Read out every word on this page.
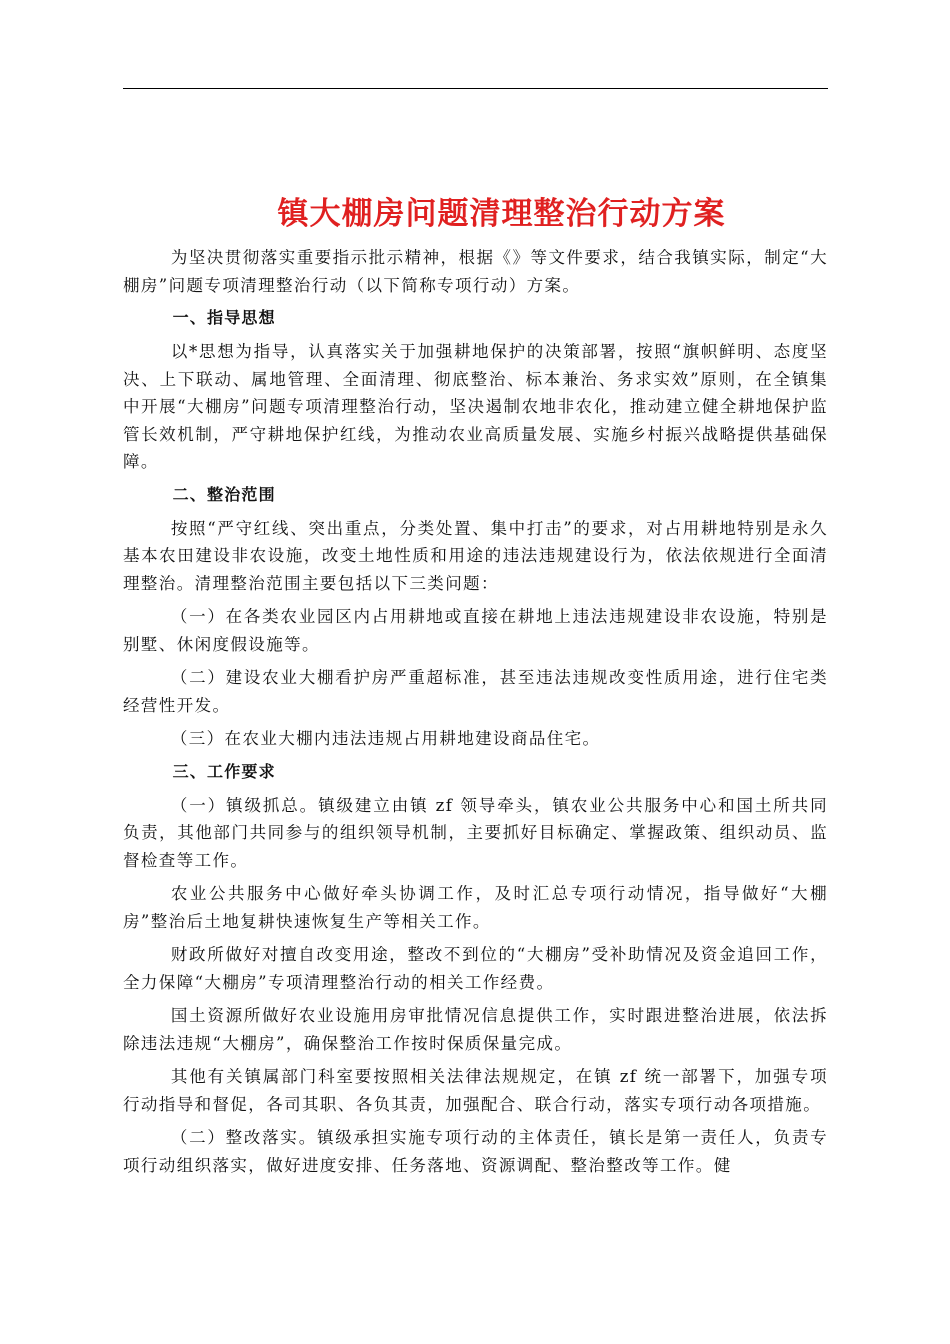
镇大棚房问题清理整治行动方案

为坚决贯彻落实重要指示批示精神，根据《》等文件要求，结合我镇实际，制定“大棚房”问题专项清理整治行动（以下简称专项行动）方案。

一、指导思想

以*思想为指导，认真落实关于加强耕地保护的决策部署，按照“旗帜鲜明、态度坚决、上下联动、属地管理、全面清理、彻底整治、标本兼治、务求实效”原则，在全镇集中开展“大棚房”问题专项清理整治行动，坚决遏制农地非农化，推动建立健全耕地保护监管长效机制，严守耕地保护红线，为推动农业高质量发展、实施乡村振兴战略提供基础保障。

二、整治范围

按照“严守红线、突出重点，分类处置、集中打击”的要求，对占用耕地特别是永久基本农田建设非农设施，改变土地性质和用途的违法违规建设行为，依法依规进行全面清理整治。清理整治范围主要包括以下三类问题：

（一）在各类农业园区内占用耕地或直接在耕地上违法违规建设非农设施，特别是别墅、休闲度假设施等。

（二）建设农业大棚看护房严重超标准，甚至违法违规改变性质用途，进行住宅类经营性开发。

（三）在农业大棚内违法违规占用耕地建设商品住宅。

三、工作要求

（一）镇级抓总。镇级建立由镇 zf 领导牵头，镇农业公共服务中心和国土所共同负责，其他部门共同参与的组织领导机制，主要抓好目标确定、掌握政策、组织动员、监督检查等工作。

农业公共服务中心做好牵头协调工作，及时汇总专项行动情况，指导做好“大棚房”整治后土地复耕快速恢复生产等相关工作。

财政所做好对擅自改变用途，整改不到位的“大棚房”受补助情况及资金追回工作，全力保障“大棚房”专项清理整治行动的相关工作经费。

国土资源所做好农业设施用房审批情况信息提供工作，实时跟进整治进展，依法拆除违法违规“大棚房”，确保整治工作按时保质保量完成。

其他有关镇属部门科室要按照相关法律法规规定，在镇 zf 统一部署下，加强专项行动指导和督促，各司其职、各负其责，加强配合、联合行动，落实专项行动各项措施。

（二）整改落实。镇级承担实施专项行动的主体责任，镇长是第一责任人，负责专项行动组织落实，做好进度安排、任务落地、资源调配、整治整改等工作。健
